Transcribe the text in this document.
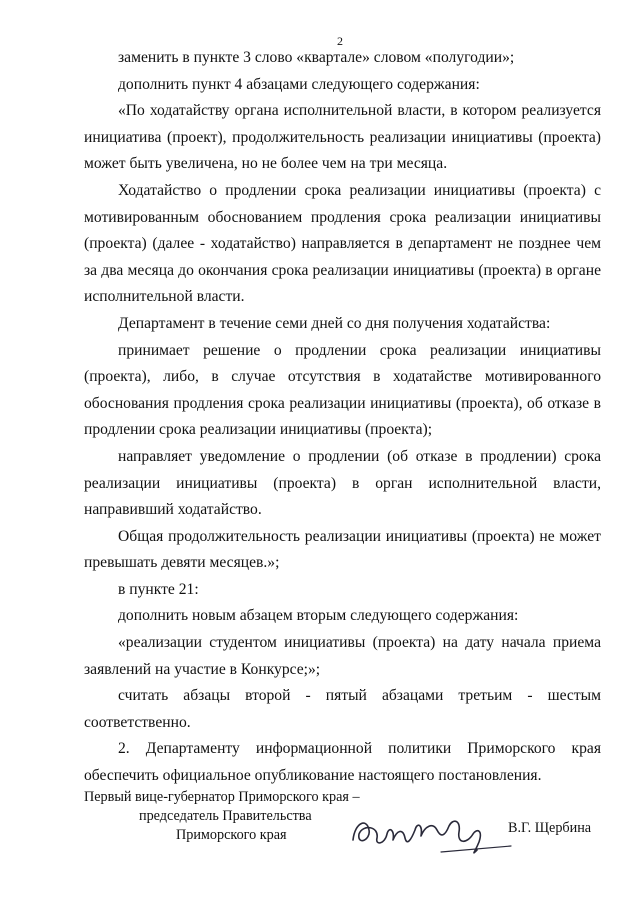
2

заменить в пункте 3 слово «квартале» словом «полугодии»;

дополнить пункт 4 абзацами следующего содержания:

«По ходатайству органа исполнительной власти, в котором реализуется инициатива (проект), продолжительность реализации инициативы (проекта) может быть увеличена, но не более чем на три месяца.

Ходатайство о продлении срока реализации инициативы (проекта) с мотивированным обоснованием продления срока реализации инициативы (проекта) (далее - ходатайство) направляется в департамент не позднее чем за два месяца до окончания срока реализации инициативы (проекта) в органе исполнительной власти.

Департамент в течение семи дней со дня получения ходатайства:

принимает решение о продлении срока реализации инициативы (проекта), либо, в случае отсутствия в ходатайстве мотивированного обоснования продления срока реализации инициативы (проекта), об отказе в продлении срока реализации инициативы (проекта);

направляет уведомление о продлении (об отказе в продлении) срока реализации инициативы (проекта) в орган исполнительной власти, направивший ходатайство.

Общая продолжительность реализации инициативы (проекта) не может превышать девяти месяцев.»;

в пункте 21:

дополнить новым абзацем вторым следующего содержания:

«реализации студентом инициативы (проекта) на дату начала приема заявлений на участие в Конкурсе;»;

считать абзацы второй - пятый абзацами третьим - шестым соответственно.

2. Департаменту информационной политики Приморского края обеспечить официальное опубликование настоящего постановления.

Первый вице-губернатор Приморского края –
председатель Правительства
Приморского края	В.Г. Щербина
